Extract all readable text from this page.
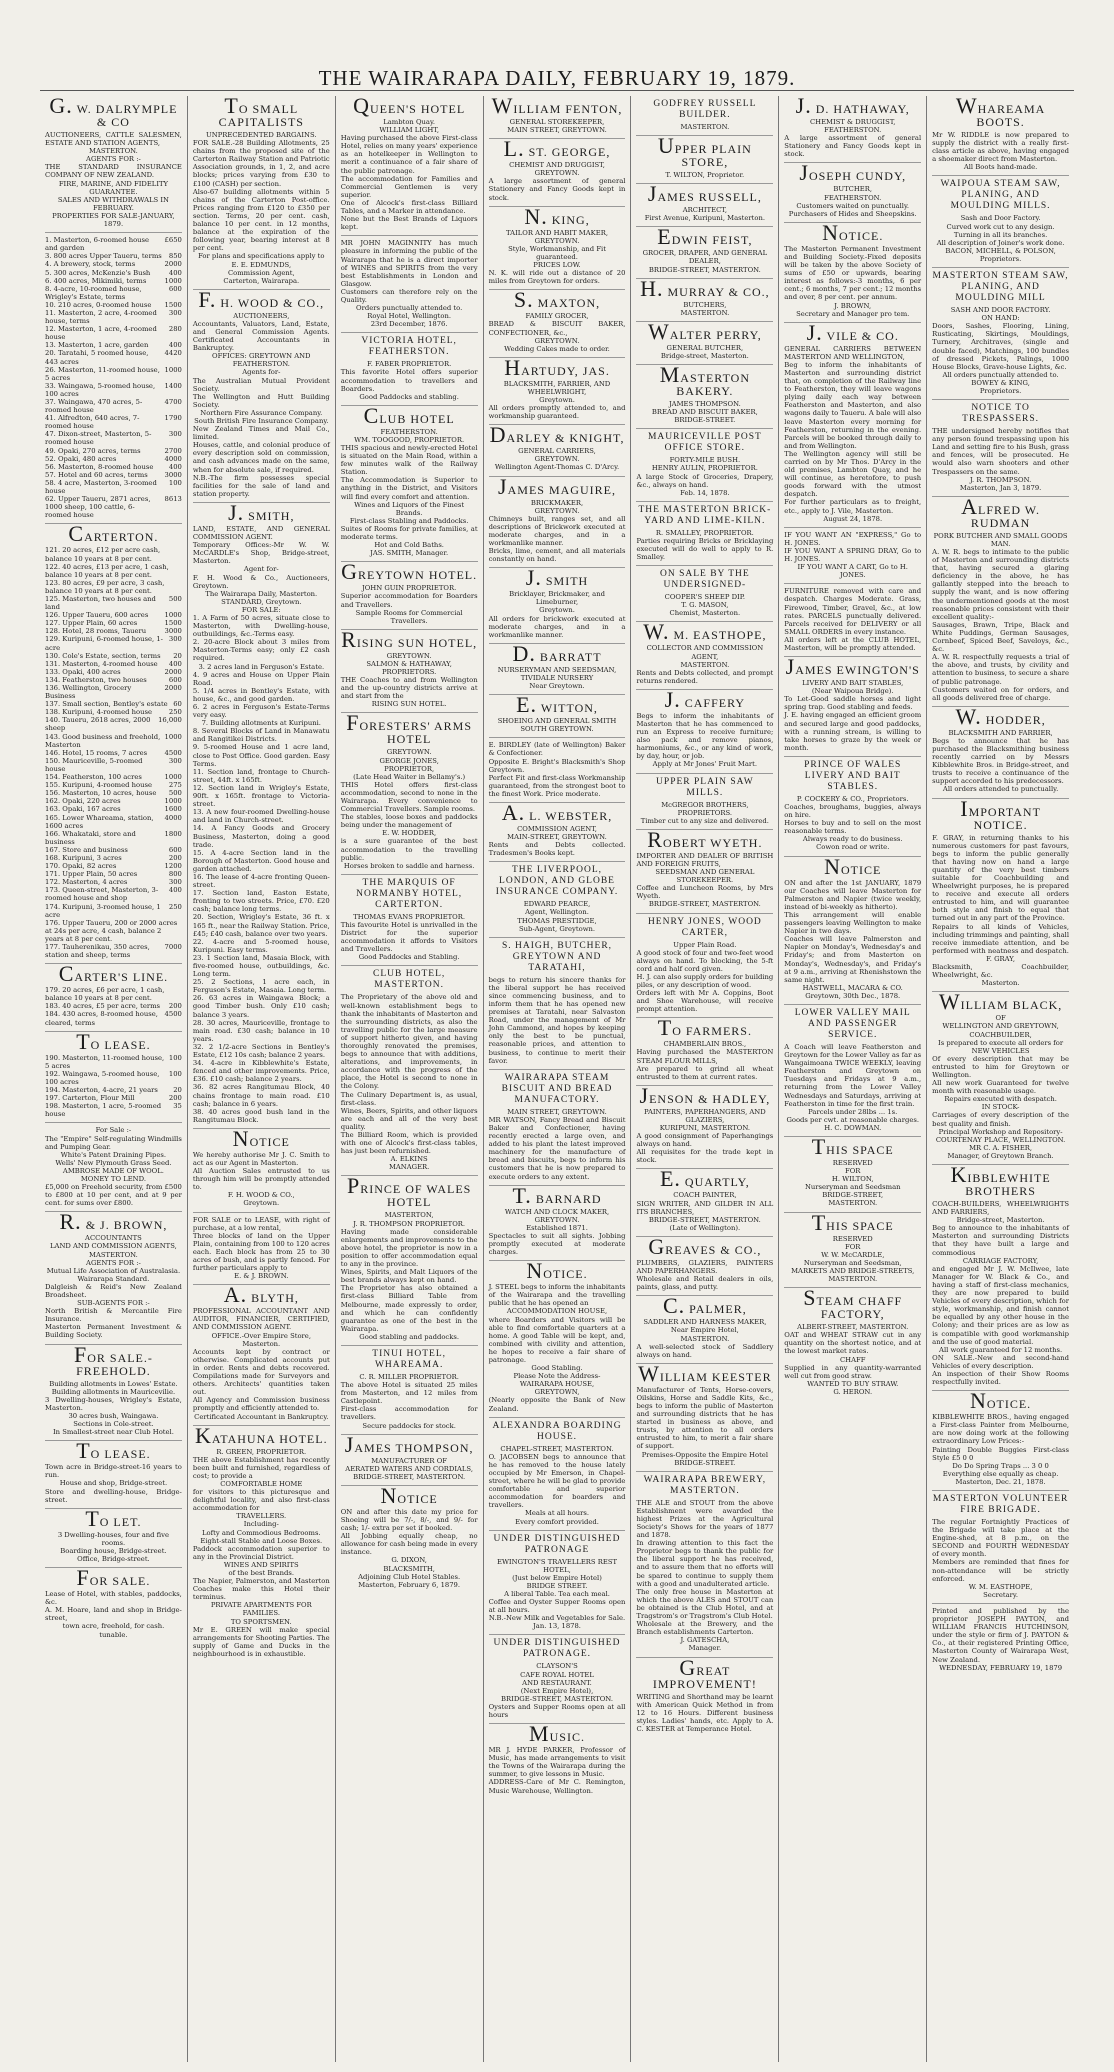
THE WAIRARAPA DAILY, FEBRUARY 19, 1879.
G. W. DALRYMPLE & CO
AUCTIONEERS, CATTLE SALESMEN, ESTATE AND STATION AGENTS,
MASTERTON.
AGENTS FOR :-
THE STANDARD INSURANCE COMPANY OF NEW ZEALAND.
FIRE, MARINE, AND FIDELITY GUARANTEE.
SALES AND WITHDRAWALS IN FEBRUARY.
PROPERTIES FOR SALE-JANUARY, 1879.
1. Masterton, 6-roomed house and garden
£650
3. 800 acres Upper Taueru, terms	850
4. A brewery, stock, terms	2000
5. 300 acres, McKenzie's Bush	400
6. 400 acres, Mikimiki, terms	1000
8. 4-acre, 10-roomed house, Wrigley's Estate, terms
600
10. 210 acres, 0-roomed house	1500
11. Masterton, 2 acre, 4-roomed house, terms
300
12. Masterton, 1 acre, 4-roomed house
280
13. Masterton, 1 acre, garden	400
20. Taratahi, 5 roomed house, 443 acres
4420
26. Masterton, 11-roomed house, 5 acres
1000
33. Waingawa, 5-roomed house, 100 acres
1400
37. Waingawa, 470 acres, 5-roomed house
4700
41. Alfredton, 640 acres, 7-roomed house
1790
47. Dixon-street, Masterton, 5-roomed house
300
49. Opaki, 270 acres, terms	2700
52. Opaki, 480 acres	4000
56. Masterton, 8-roomed house	400
57. Hotel and 60 acres, terms	3000
58. 4 acre, Masterton, 3-roomed house
100
62. Upper Taueru, 2871 acres, 1000 sheep, 100 cattle, 6-roomed house
8613
CARTERTON.
121. 20 acres, £12 per acre cash, balance 10 years at 8 per cent.
122. 40 acres, £13 per acre, 1 cash, balance 10 years at 8 per cent.
123. 80 acres, £9 per acre, 3 cash, balance 10 years at 8 per cent.
125. Masterton, two houses and land
500
126. Upper Taueru, 600 acres	1000
127. Upper Plain, 60 acres	1500
128. Hotel, 28 rooms, Taueru	3000
129. Kuripuni, 6-roomed house, 1-acre
300
130. Cole's Estate, section, terms	20
131. Masterton, 4-roomed house	400
133. Opaki, 400 acres	2000
134. Featherston, two houses	600
136. Wellington, Grocery Business
2000
137. Small section, Bentley's estate 60
138. Kuripuni, 4-roomed house	250
140. Taueru, 2618 acres, 2000 sheep
16,000
143. Good business and freehold, Masterton
1000
146. Hotel, 15 rooms, 7 acres	4500
150. Mauriceville, 5-roomed house
300
154. Featherston, 100 acres	1000
155. Kuripuni, 4-roomed house	275
156. Masterton, 10 acres, house	500
162. Opaki, 220 acres	1000
163. Opaki, 167 acres	1600
165. Lower Whareama, station, 1600 acres
4000
166. Whakataki, store and business
1800
167. Store and business	600
168. Kuripuni, 3 acres	200
170. Opaki, 82 acres	1200
171. Upper Plain, 50 acres	800
172. Masterton, 4 acres	300
173. Queen-street, Masterton, 3-roomed house and shop
400
174. Kuripuni, 3-roomed house, 1 acre
250
176. Upper Taueru, 200 or 2000 acres at 24s per acre, 4 cash, balance 2 years at 8 per cent.
177. Tauherenikau, 350 acres, station and sheep, terms
7000
CARTER'S LINE.
179. 20 acres, £6 per acre, 1 cash, balance 10 years at 8 per cent.
183. 40 acres, £5 per acre, terms	200
184. 430 acres, 8-roomed house, cleared, terms
4500
TO LEASE.
190. Masterton, 11-roomed house, 5 acres
100
192. Waingawa, 5-roomed house, 100 acres
100
194. Masterton, 4-acre, 21 years	20
197. Carterton, Flour Mill	200
198. Masterton, 1 acre, 5-roomed house
35
For Sale :-
The "Empire" Self-regulating Windmills and Pumping Gear.
White's Patent Draining Pipes.
Wells' New Plymouth Grass Seed.
AMBROSE MADE OF WOOL.
MONEY TO LEND.
£5,000 on Freehold security, from £500 to £800 at 10 per cent, and at 9 per cent. for sums over £800.
R. & J. BROWN,
ACCOUNTANTS
LAND AND COMMISSION AGENTS,
MASTERTON.
AGENTS FOR :-
Mutual Life Association of Australasia.
Wairarapa Standard.
Dalgleish & Reid's New Zealand Broadsheet.
SUB-AGENTS FOR :-
North British & Mercantile Fire Insurance.
Masterton Permanent Investment & Building Society.
FOR SALE.-FREEHOLD.
Building allotments in Lowes' Estate.
Building allotments in Mauricevilie.
3 Dwelling-houses, Wrigley's Estate, Masterton.
30 acres bush, Waingawa.
Sections in Cole-street.
In Smallest-street near Club Hotel.
TO LEASE.
Town acre in Bridge-street-16 years to run.
House and shop, Bridge-street.
Store and dwelling-house, Bridge-street.
TO LET.
3 Dwelling-houses, four and five rooms.
Boarding house, Bridge-street.
Office, Bridge-street.
FOR SALE.
Lease of Hotel, with stables, paddocks, &c.
A. M. Hoare, land and shop in Bridge-street,
town acre, freehold, for cash.
tunable.
TO SMALL CAPITALISTS
UNPRECEDENTED BARGAINS.
FOR SALE.-28 Building Allotments, 25 chains from the proposed site of the Carterton Railway Station and Patriotic Association grounds, in 1, 2, and acre blocks; prices varying from £30 to £100 (CASH) per section.
Also-67 building allotments within 5 chains of the Carterton Post-office. Prices ranging from £120 to £350 per section. Terms, 20 per cent. cash, balance 10 per cent. in 12 months, balance at the expiration of the following year, bearing interest at 8 per cent.
For plans and specifications apply to
E. E. EDMUNDS,
Commission Agent,
Carterton, Wairarapa.
F. H. WOOD & CO.,
AUCTIONEERS,
Accountants, Valuators, Land, Estate, and General Commission Agents. Certificated Accountants in Bankruptcy.
OFFICES: GREYTOWN AND FEATHERSTON.
Agents for-
The Australian Mutual Provident Society.
The Wellington and Hutt Building Society.
Northern Fire Assurance Company.
South British Fire Insurance Company.
New Zealand Times and Mail Co., limited.
Houses, cattle, and colonial produce of every description sold on commission, and cash advances made on the same, when for absolute sale, if required.
N.B.-The firm possesses special facilities for the sale of land and station property.
J. SMITH,
LAND, ESTATE, AND GENERAL COMMISSION AGENT.
Temporary Offices:-Mr W. W. McCARDLE's Shop, Bridge-street, Masterton.
Agent for-
F. H. Wood & Co., Auctioneers, Greytown.
The Wairarapa Daily, Masterton.
STANDARD, Greytown.
FOR SALE:
1. A Farm of 50 acres, situate close to Masterton, with Dwelling-house, outbuildings, &c.-Terms easy.
2. 20-acre Block about 3 miles from Masterton-Terms easy; only £2 cash required.
3. 2 acres land in Ferguson's Estate.
4. 9 acres and House on Upper Plain Road.
5. 1/4 acres in Bentley's Estate, with house, &c., and good garden.
6. 2 acres in Ferguson's Estate-Terms very easy.
7. Building allotments at Kuripuni.
8. Several Blocks of Land in Manawatu and Rangitikei Districts.
9. 5-roomed House and 1 acre land, close to Post Office. Good garden. Easy Terms.
11. Section land, frontage to Church-street, 44ft. x 165ft.
12. Section land in Wrigley's Estate, 90ft. x 165ft. frontage to Victoria-street.
13. A new four-roomed Dwelling-house and land in Church-street.
14. A Fancy Goods and Grocery Business, Masterton, doing a good trade.
15. A 4-acre Section land in the Borough of Masterton. Good house and garden attached.
16. The lease of 4-acre fronting Queen-street.
17. Section land, Easton Estate, fronting to two streets. Price, £70. £20 cash; balance long terms.
20. Section, Wrigley's Estate, 36 ft. x 165 ft., near the Railway Station. Price, £45; £40 cash, balance over two years.
22. 4-acre and 5-roomed house, Kuripuni. Easy terms.
23. 1 Section land, Masaia Block, with five-roomed house, outbuildings, &c. Long term.
25. 2 Sections, 1 acre each, in Ferguson's Estate, Masaia. Long term.
26. 63 acres in Waingawa Block; a good Timber bush. Only £10 cash; balance 3 years.
28. 30 acres, Mauriceville, frontage to main road. £30 cash; balance in 10 years.
32. 2 1/2-acre Sections in Bentley's Estate, £12 10s cash; balance 2 years.
34. 4-acre in Kibblewhite's Estate, fenced and other improvements. Price, £36. £10 cash; balance 2 years.
36. 82 acres Rangitumau Block, 40 chains frontage to main road. £10 cash; balance in 6 years.
38. 40 acres good bush land in the Rangitumau Block.
NOTICE
We hereby authorise Mr J. C. Smith to act as our Agent in Masterton.
All Auction Sales entrusted to us through him will be promptly attended to.
F. H. WOOD & CO.,
Greytown.
FOR SALE or to LEASE, with right of purchase, at a low rental,
Three blocks of land on the Upper Plain, containing from 100 to 120 acres each. Each block has from 25 to 30 acres of bush, and is partly fenced. For further particulars apply to
E. & J. BROWN.
A. BLYTH,
PROFESSIONAL ACCOUNTANT AND AUDITOR, FINANCIER, CERTIFIED, AND COMMISSION AGENT.
OFFICE.-Over Empire Store, Masterton.
Accounts kept by contract or otherwise. Complicated accounts put in order. Rents and debts recovered. Compilations made for Surveyors and others. Architects' quantities taken out.
All Agency and Commission business promptly and efficiently attended to.
Certificated Accountant in Bankruptcy.
KATAHUNA HOTEL.
R. GREEN, PROPRIETOR.
THE above Establishment has recently been built and furnished, regardless of cost; to provide a
COMFORTABLE HOME
for visitors to this picturesque and delightful locality, and also first-class accommodation for
TRAVELLERS.
Including-
Lofty and Commodious Bedrooms.
Eight-stall Stable and Loose Boxes.
Paddock accommodation superior to any in the Provincial District.
WINES AND SPIRITS
of the best Brands.
The Napier, Palmerston, and Masterton Coaches make this Hotel their terminus.
PRIVATE APARTMENTS FOR FAMILIES.
TO SPORTSMEN.
Mr E. GREEN will make special arrangements for Shooting Parties. The supply of Game and Ducks in the neighbourhood is in exhaustible.
QUEEN'S HOTEL
Lambton Quay.
WILLIAM LIGHT,
Having purchased the above First-class Hotel, relies on many years' experience as an hotelkeeper in Wellington to merit a continuance of a fair share of the public patronage.
The accommodation for Families and Commercial Gentlemen is very superior.
One of Alcock's first-class Billiard Tables, and a Marker in attendance.
None but the Best Brands of Liquors kept.
MR JOHN MAGINNITY has much pleasure in informing the public of the Wairarapa that he is a direct importer of WINES and SPIRITS from the very best Establishments in London and Glasgow.
Customers can therefore rely on the Quality.
Orders punctually attended to.
Royal Hotel, Wellington.
23rd December, 1876.
VICTORIA HOTEL, FEATHERSTON.
F. FABER PROPRIETOR.
This favorite Hotel offers superior accommodation to travellers and Boarders.
Good Paddocks and stabling.
CLUB HOTEL
FEATHERSTON.
WM. TOOGOOD, PROPRIETOR.
THIS spacious and newly-erected Hotel is situated on the Main Road, within a few minutes walk of the Railway Station.
The Accommodation is Superior to anything in the District, and Visitors will find every comfort and attention.
Wines and Liquors of the Finest Brands.
First-class Stabling and Paddocks.
Suites of Rooms for private families, at moderate terms.
Hot and Cold Baths.
JAS. SMITH, Manager.
GREYTOWN HOTEL.
JOHN GUIN PROPRIETOR.
Superior accommodation for Boarders and Travellers.
Sample Rooms for Commercial Travellers.
RISING SUN HOTEL,
GREYTOWN.
SALMON & HATHAWAY, PROPRIETORS.
THE Coaches to and from Wellington and the up-country districts arrive at and start from the
RISING SUN HOTEL.
FORESTERS' ARMS HOTEL
GREYTOWN.
GEORGE JONES,
PROPRIETOR,
(Late Head Waiter in Bellamy's.)
THIS Hotel offers first-class accommodation, second to none in the Wairarapa. Every convenience to Commercial Travellers. Sample rooms.
The stables, loose boxes and paddocks being under the management of
E. W. HODDER,
is a sure guarantee of the best accommodation to the travelling public.
Horses broken to saddle and harness.
THE MARQUIS OF NORMANBY HOTEL, CARTERTON.
THOMAS EVANS PROPRIETOR.
This favourite Hotel is unrivalled in the District for the superior accommodation it affords to Visitors and Travellers.
Good Paddocks and Stabling.
CLUB HOTEL, MASTERTON.
The Proprietary of the above old and well-known establishment begs to thank the inhabitants of Masterton and the surrounding districts, as also the travelling public for the large measure of support hitherto given, and having thoroughly renovated the premises, begs to announce that with additions, alterations, and improvements, in accordance with the progress of the place, the Hotel is second to none in the Colony.
The Culinary Department is, as usual, first-class.
Wines, Beers, Spirits, and other liquors are each and all of the very best quality.
The Billiard Room, which is provided with one of Alcock's first-class tables, has just been refurnished.
A. ELKINS
MANAGER.
PRINCE OF WALES HOTEL
MASTERTON,
J. R. THOMPSON PROPRIETOR.
Having made considerable enlargements and improvements to the above hotel, the proprietor is now in a position to offer accommodation equal to any in the province.
Wines, Spirits, and Malt Liquors of the best brands always kept on hand.
The Proprietor has also obtained a first-class Billiard Table from Melbourne, made expressly to order, and which he can confidently guarantee as one of the best in the Wairarapa.
Good stabling and paddocks.
TINUI HOTEL, WHAREAMA.
C. R. MILLER PROPRIETOR.
The above Hotel is situated 25 miles from Masterton, and 12 miles from Castlepoint.
First-class accommodation for travellers.
Secure paddocks for stock.
JAMES THOMPSON,
MANUFACTURER OF
AERATED WATERS AND CORDIALS,
BRIDGE-STREET, MASTERTON.
NOTICE
ON and after this date my price for Shoeing will be 7/-, 8/-, and 9/- for cash; 1/- extra per set if booked.
All Jobbing equally cheap, no allowance for cash being made in every instance.
G. DIXON,
BLACKSMITH,
Adjoining Club Hotel Stables.
Masterton, February 6, 1879.
WILLIAM FENTON,
GENERAL STOREKEEPER,
MAIN STREET, GREYTOWN.
L. ST. GEORGE,
CHEMIST AND DRUGGIST,
GREYTOWN.
A large assortment of general Stationery and Fancy Goods kept in stock.
N. KING,
TAILOR AND HABIT MAKER,
GREYTOWN.
Style, Workmanship, and Fit guaranteed.
PRICES LOW.
N. K. will ride out a distance of 20 miles from Greytown for orders.
S. MAXTON,
FAMILY GROCER,
BREAD & BISCUIT BAKER, CONFECTIONER, &c.,
GREYTOWN.
Wedding Cakes made to order.
HARTUDY, JAS.
BLACKSMITH, FARRIER, AND WHEELWRIGHT,
Greytown.
All orders promptly attended to, and workmanship guaranteed.
DARLEY & KNIGHT,
GENERAL CARRIERS,
GREYTOWN.
Wellington Agent-Thomas C. D'Arcy.
JAMES MAGUIRE,
BRICKMAKER,
GREYTOWN.
Chimneys built, ranges set, and all descriptions of Brickwork executed at moderate charges, and in a workmanlike manner.
Bricks, lime, cement, and all materials constantly on hand.
J. SMITH
Bricklayer, Brickmaker, and Limeburner,
Greytown.
All orders for brickwork executed at moderate charges, and in a workmanlike manner.
D. BARRATT
NURSERYMAN AND SEEDSMAN,
TIVIDALE NURSERY
Near Greytown.
E. WITTON,
SHOEING AND GENERAL SMITH
SOUTH GREYTOWN.
E. BIRDLEY (late of Wellington) Baker & Confectioner.
Opposite E. Bright's Blacksmith's Shop Greytown.
Perfect Fit and first-class Workmanship guaranteed, from the strongest boot to the finest Work. Price moderate.
A. L. WEBSTER,
COMMISSION AGENT,
MAIN-STREET, GREYTOWN.
Rents and Debts collected. Tradesmen's Books kept.
THE LIVERPOOL, LONDON, AND GLOBE INSURANCE COMPANY.
EDWARD PEARCE,
Agent, Wellington.
THOMAS PRESTIDGE,
Sub-Agent, Greytown.
S. HAIGH, BUTCHER, GREYTOWN AND TARATAHI,
begs to return his sincere thanks for the liberal support he has received since commencing business, and to inform them that he has opened new premises at Taratahi, near Salvaston Road, under the management of Mr John Cammond, and hopes by keeping only the best to be punctual, reasonable prices, and attention to business, to continue to merit their favor.
WAIRARAPA STEAM BISCUIT AND BREAD MANUFACTORY.
MAIN STREET, GREYTOWN.
MR WATSON, Fancy Bread and Biscuit Baker and Confectioner, having recently erected a large oven, and added to his plant the latest improved machinery for the manufacture of bread and biscuits, begs to inform his customers that he is now prepared to execute orders to any extent.
T. BARNARD
WATCH AND CLOCK MAKER, GREYTOWN.
Established 1871.
Spectacles to suit all sights. Jobbing promptly executed at moderate charges.
NOTICE.
J. STEEL begs to inform the inhabitants of the Wairarapa and the travelling public that he has opened an
ACCOMMODATION HOUSE,
where Boarders and Visitors will be able to find comfortable quarters at a home. A good Table will be kept, and, combined with civility and attention, he hopes to receive a fair share of patronage.
Good Stabling.
Please Note the Address-
WAIRARAPA HOUSE,
GREYTOWN,
(Nearly opposite the Bank of New Zealand.
ALEXANDRA BOARDING HOUSE.
CHAPEL-STREET, MASTERTON.
O. JACOBSEN begs to announce that he has removed to the house lately occupied by Mr Emerson, in Chapel-street, where he will be glad to provide comfortable and superior accommodation for boarders and travellers.
Meals at all hours.
Every comfort provided.
UNDER DISTINGUISHED PATRONAGE
EWINGTON'S TRAVELLERS REST HOTEL,
(Just below Empire Hotel)
BRIDGE STREET.
A liberal Table. Tea each meal.
Coffee and Oyster Supper Rooms open at all hours.
N.B.-New Milk and Vegetables for Sale.
Jan. 13, 1878.
UNDER DISTINGUISHED PATRONAGE.
CLAYSON'S
CAFE ROYAL HOTEL
AND RESTAURANT.
(Next Empire Hotel),
BRIDGE-STREET, MASTERTON.
Oysters and Supper Rooms open at all hours
MUSIC.
MR J. HYDE PARKER, Professor of Music, has made arrangements to visit the Towns of the Wairarapa during the summer, to give lessons in Music.
ADDRESS-Care of Mr C. Remington, Music Warehouse, Wellington.
GODFREY RUSSELL BUILDER.
MASTERTON.
UPPER PLAIN STORE,
T. WILTON, Proprietor.
JAMES RUSSELL,
ARCHITECT,
First Avenue, Kuripuni, Masterton.
EDWIN FEIST,
GROCER, DRAPER, AND GENERAL DEALER,
BRIDGE-STREET, MASTERTON.
H. MURRAY & CO.,
BUTCHERS,
MASTERTON.
WALTER PERRY,
GENERAL BUTCHER,
Bridge-street, Masterton.
MASTERTON BAKERY.
JAMES THOMPSON.
BREAD AND BISCUIT BAKER,
BRIDGE-STREET.
MAURICEVILLE POST OFFICE STORE.
FORTY-MILE BUSH.
HENRY AULIN, PROPRIETOR.
A large Stock of Groceries, Drapery, &c., always on hand.
Feb. 14, 1878.
THE MASTERTON BRICK-YARD AND LIME-KILN.
R. SMALLEY, PROPRIETOR.
Parties requiring Bricks or Bricklaying executed will do well to apply to R. Smalley.
ON SALE BY THE UNDERSIGNED-
COOPER'S SHEEP DIP.
T. G. MASON,
Chemist, Masterton.
W. M. EASTHOPE,
COLLECTOR AND COMMISSION AGENT,
MASTERTON.
Rents and Debts collected, and prompt returns rendered.
J. CAFFERY
Begs to inform the inhabitants of Masterton that he has commenced to run an Express to receive furniture; also pack and remove pianos, harmoniums, &c., or any kind of work, by day, hour, or job.
Apply at Mr Jones' Fruit Mart.
UPPER PLAIN SAW MILLS.
McGREGOR BROTHERS,
PROPRIETORS.
Timber cut to any size and delivered.
ROBERT WYETH.
IMPORTER AND DEALER OF BRITISH AND FOREIGN FRUITS,
SEEDSMAN AND GENERAL STOREKEEPER.
Coffee and Luncheon Rooms, by Mrs Wyeth.
BRIDGE-STREET, MASTERTON.
HENRY JONES, WOOD CARTER,
Upper Plain Road.
A good stock of four and two-feet wood always on hand. To blocking, the 5-ft cord and half cord given.
H. J. can also supply orders for building piles, or any description of wood.
Orders left with Mr A. Coppins, Boot and Shoe Warehouse, will receive prompt attention.
TO FARMERS.
CHAMBERLAIN BROS.,
Having purchased the MASTERTON STEAM FLOUR MILLS,
Are prepared to grind all wheat entrusted to them at current rates.
JENSON & HADLEY,
PAINTERS, PAPERHANGERS, AND GLAZIERS,
KURIPUNI, MASTERTON.
A good consignment of Paperhangings always on hand.
All requisites for the trade kept in stock.
E. QUARTLY,
COACH PAINTER,
SIGN WRITER, AND GILDER IN ALL ITS BRANCHES,
BRIDGE-STREET, MASTERTON.
(Late of Wellington).
GREAVES & CO.,
PLUMBERS, GLAZIERS, PAINTERS AND PAPERHANGERS.
Wholesale and Retail dealers in oils, paints, glass, and putty.
C. PALMER,
SADDLER AND HARNESS MAKER,
Near Empire Hotel,
MASTERTON.
A well-selected stock of Saddlery always on hand.
WILLIAM KEESTER
Manufacturer of Tents, Horse-covers, Oilskins, Horse and Saddle Kits, &c., begs to inform the public of Masterton and surrounding districts that he has started in business as above, and trusts, by attention to all orders entrusted to him, to merit a fair share of support.
Premises-Opposite the Empire Hotel
BRIDGE-STREET.
WAIRARAPA BREWERY, MASTERTON.
THE ALE and STOUT from the above Establishment were awarded the highest Prizes at the Agricultural Society's Shows for the years of 1877 and 1878.
In drawing attention to this fact the Proprietor begs to thank the public for the liberal support he has received, and to assure them that no efforts will be spared to continue to supply them with a good and unadulterated article.
The only free house in Masterton at which the above ALES and STOUT can be obtained is the Club Hotel, and at Tragstrom's or Tragstrom's Club Hotel.
Wholesale at the Brewery, and the Branch establishments Carterton.
J. GATESCHA,
Manager.
GREAT IMPROVEMENT!
WRITING and Shorthand may be learnt with American Quick Method in from 12 to 16 Hours. Different business styles. Ladies' hands, etc. Apply to A. C. KESTER at Temperance Hotel.
J. D. HATHAWAY,
CHEMIST & DRUGGIST,
FEATHERSTON.
A large assortment of general Stationery and Fancy Goods kept in stock.
JOSEPH CUNDY,
BUTCHER,
FEATHERSTON.
Customers waited on punctually.
Purchasers of Hides and Sheepskins.
NOTICE.
The Masterton Permanent Investment and Building Society.-Fixed deposits will be taken by the above Society of sums of £50 or upwards, bearing interest as follows:-3 months, 6 per cent.; 6 months, 7 per cent.; 12 months and over, 8 per cent. per annum.
J. BROWN,
Secretary and Manager pro tem.
J. VILE & CO.
GENERAL CARRIERS BETWEEN MASTERTON AND WELLINGTON,
Beg to inform the inhabitants of Masterton and surrounding district that, on completion of the Railway line to Featherston, they will leave wagons plying daily each way between Featherston and Masterton, and also wagons daily to Taueru. A bale will also leave Masterton every morning for Featherston, returning in the evening. Parcels will be booked through daily to and from Wellington.
The Wellington agency will still be carried on by Mr Thos. D'Arcy in the old premises, Lambton Quay, and he will continue, as heretofore, to push goods forward with the utmost despatch.
For further particulars as to freight, etc., apply to J. Vile, Masterton.
August 24, 1878.
IF YOU WANT AN "EXPRESS," Go to H. JONES.
IF YOU WANT A SPRING DRAY, Go to H. JONES.
IF YOU WANT A CART, Go to H. JONES.
FURNITURE removed with care and despatch. Charges Moderate. Grass, Firewood, Timber, Gravel, &c., at low rates. PARCELS punctually delivered. Parcels received for DELIVERY or all SMALL ORDERS in every instance.
All orders left at the CLUB HOTEL, Masterton, will be promptly attended.
JAMES EWINGTON'S
LIVERY AND BAIT STABLES,
(Near Waipoua Bridge).
To Let-Good saddle horses and light spring trap. Good stabling and feeds.
J. E. having engaged an efficient groom and secured large and good paddocks, with a running stream, is willing to take horses to graze by the week or month.
PRINCE OF WALES LIVERY AND BAIT STABLES.
P. COCKERY & CO., Proprietors.
Coaches, broughams, buggies, always on hire.
Horses to buy and to sell on the most reasonable terms.
Always ready to do business.
Cowon road or write.
NOTICE
ON and after the 1st JANUARY, 1879 our Coaches will leave Masterton for Palmerston and Napier (twice weekly, instead of bi-weekly as hitherto).
This arrangement will enable passengers leaving Wellington to make Napier in two days.
Coaches will leave Palmerston and Napier on Monday's, Wednesday's and Friday's; and from Masterton on Monday's, Wednesday's, and Friday's at 9 a.m., arriving at Rhenishstown the same night.
HASTWELL, MACARA & CO.
Greytown, 30th Dec., 1878.
LOWER VALLEY MAIL AND PASSENGER SERVICE.
A Coach will leave Featherston and Greytown for the Lower Valley as far as Wangaimoana TWICE WEEKLY, leaving Featherston and Greytown on Tuesdays and Fridays at 9 a.m., returning from the Lower Valley Wednesdays and Saturdays, arriving at Featherston in time for the first train.
Parcels under 28lbs ... 1s.
Goods per cwt. at reasonable charges.
H. C. DOWMAN.
THIS SPACE
RESERVED
FOR
H. WILTON,
Nurseryman and Seedsman
BRIDGE-STREET,
MASTERTON.
THIS SPACE
RESERVED
FOR
W. W. McCARDLE,
Nurseryman and Seedsman,
MARKETS AND BRIDGE-STREETS,
MASTERTON.
STEAM CHAFF FACTORY,
ALBERT-STREET, MASTERTON.
OAT and WHEAT STRAW cut in any quantity on the shortest notice, and at the lowest market rates.
CHAFF
Supplied in any quantity-warranted well cut from good straw.
WANTED TO BUY STRAW.
G. HERON.
WHAREAMA BOOTS.
Mr W. RIDDLE is now prepared to supply the district with a really first-class article as above, having engaged a shoemaker direct from Masterton.
All Boots hand-made.
WAIPOUA STEAM SAW, PLANING, AND MOULDING MILLS.
Sash and Door Factory.
Curved work cut to any design.
Turning in all its branches.
All description of Joiner's work done.
BACON, MICHELL, & POLSON, Proprietors.
MASTERTON STEAM SAW, PLANING, AND MOULDING MILL
SASH AND DOOR FACTORY.
ON HAND:
Doors, Sashes, Flooring, Lining, Rusticating, Skirtings, Mouldings, Turnery, Architraves, (single and double faced), Matchings, 100 bundles of dressed Pickets, Palings, 1000 House Blocks, Grave-house Lights, &c.
All orders punctually attended to.
BOWEY & KING,
Proprietors.
NOTICE TO TRESPASSERS.
THE undersigned hereby notifies that any person found trespassing upon his Land and setting fire to his Bush, grass and fences, will be prosecuted. He would also warn shooters and other Trespassers on the same.
J. R. THOMPSON.
Masterton, Jan 3, 1879.
ALFRED W. RUDMAN
PORK BUTCHER AND SMALL GOODS MAN.
A. W. R. begs to intimate to the public of Masterton and surrounding districts that, having secured a glaring deficiency in the above, he has gallantly stepped into the breach to supply the want, and is now offering the undermentioned goods at the most reasonable prices consistent with their excellent quality:-
Sausages, Brawn, Tripe, Black and White Puddings, German Sausages, Cornbeef, Spiced Beef, Saveloys, &c., &c.
A. W. R. respectfully requests a trial of the above, and trusts, by civility and attention to business, to secure a share of public patronage.
Customers waited on for orders, and all goods delivered free of charge.
W. HODDER,
BLACKSMITH AND FARRIER,
Begs to announce that he has purchased the Blacksmithing business recently carried on by Messrs Kibblewhite Bros. in Bridge-street, and trusts to receive a continuance of the support accorded to his predecessors.
All orders attended to punctually.
IMPORTANT NOTICE.
F. GRAY, in returning thanks to his numerous customers for past favours, begs to inform the public generally that having now on hand a large quantity of the very best timbers suitable for Coachbuilding and Wheelwright purposes, he is prepared to receive and execute all orders entrusted to him, and will guarantee both style and finish to equal that turned out in any part of the Province.
Repairs to all kinds of Vehicles, including trimmings and painting, shall receive immediate attention, and be performed with neatness and despatch.
F. GRAY,
Blacksmith, Coachbuilder, Wheelwright, &c.
Masterton.
WILLIAM BLACK,
OF
WELLINGTON AND GREYTOWN,
COACHBUILDER,
Is prepared to execute all orders for
NEW VEHICLES
Of every description that may be entrusted to him for Greytown or Wellington.
All new work Guaranteed for twelve month with reasonable usage.
Repairs executed with despatch.
IN STOCK-
Carriages of every description of the best quality and finish.
Principal Workshop and Repository-
COURTENAY PLACE, WELLINGTON.
MR C. A. FISHER,
Manager, of Greytown Branch.
KIBBLEWHITE BROTHERS
COACH-BUILDERS, WHEELWRIGHTS AND FARRIERS,
Bridge-street, Masterton.
Beg to announce to the inhabitants of Masterton and surrounding Districts that they have built a large and commodious
CARRIAGE FACTORY,
and engaged Mr J. W. McIlwee, late Manager for W. Black & Co., and having a staff of first-class mechanics, they are now prepared to build Vehicles of every description, which for style, workmanship, and finish cannot be equalled by any other house in the Colony; and their prices are as low as is compatible with good workmanship and the use of good material.
All work guaranteed for 12 months.
ON SALE.-New and second-hand Vehicles of every description.
An inspection of their Show Rooms respectfully invited.
NOTICE.
KIBBLEWHITE BROS., having engaged a First-class Painter from Melbourne, are now doing work at the following extraordinary Low Prices:-
Painting Double Buggies First-class Style £5 0 0
Do Do Spring Traps ... 3 0 0
Everything else equally as cheap.
Masterton, Dec. 21, 1878.
MASTERTON VOLUNTEER FIRE BRIGADE.
The regular Fortnightly Practices of the Brigade will take place at the Engine-shed, at 8 p.m., on the SECOND and FOURTH WEDNESDAY of every month.
Members are reminded that fines for non-attendance will be strictly enforced.
W. M. EASTHOPE,
Secretary.
Printed and published by the proprietor JOSEPH PAYTON, and WILLIAM FRANCIS HUTCHINSON, under the style or firm of J. PAYTON & Co., at their registered Printing Office, Masterton County of Wairarapa West, New Zealand.
WEDNESDAY, FEBRUARY 19, 1879
